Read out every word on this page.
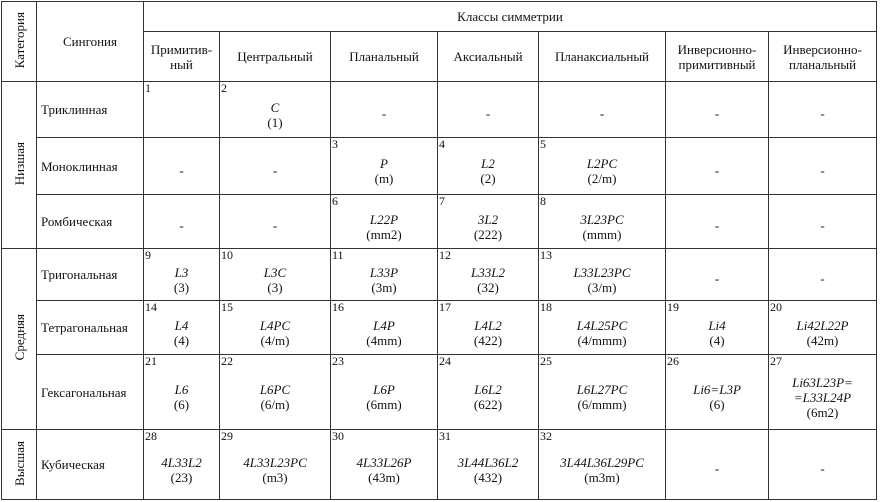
Категория	Сингония	Классы симметрии						
		Примитив-ный	Центральный	Планальный	Аксиальный	Планаксиальный	Инверсионно-примитивный	Инверсионно-планальный
Низшая	Триклинная	1	2
C
(1)	-	-	-	-	-

	Моноклинная	-	-	3
P
(m)	4
L2
(2)	5
L2PC
(2/m)	-	-

	Ромбическая	-	-	6
L22P
(mm2)	7
3L2
(222)	8
3L23PC
(mmm)	-	-

Средняя	Тригональная	9
L3
(3)	10
L3C
(3)	11
L33P
(3m)	12
L33L2
(32)	13
L33L23PC
(3/m)	-	-

	Тетрагональная	14
L4
(4)	15
L4PC
(4/m)	16
L4P
(4mm)	17
L4L2
(422)	18
L4L25PC
(4/mmm)	19
Li4
(4)	20
Li42L22P
(42m)

	Гексагональная	21
L6
(6)	22
L6PC
(6/m)	23
L6P
(6mm)	24
L6L2
(622)	25
L6L27PC
(6/mmm)	26
Li6=L3P
(6)	27
Li63L23P=
=L33L24P
(6m2)

Высшая	Кубическая	28
4L33L2
(23)	29
4L33L23PC
(m3)	30
4L33L26P
(43m)	31
3L44L36L2
(432)	32
3L44L36L29PC
(m3m)	-	-
